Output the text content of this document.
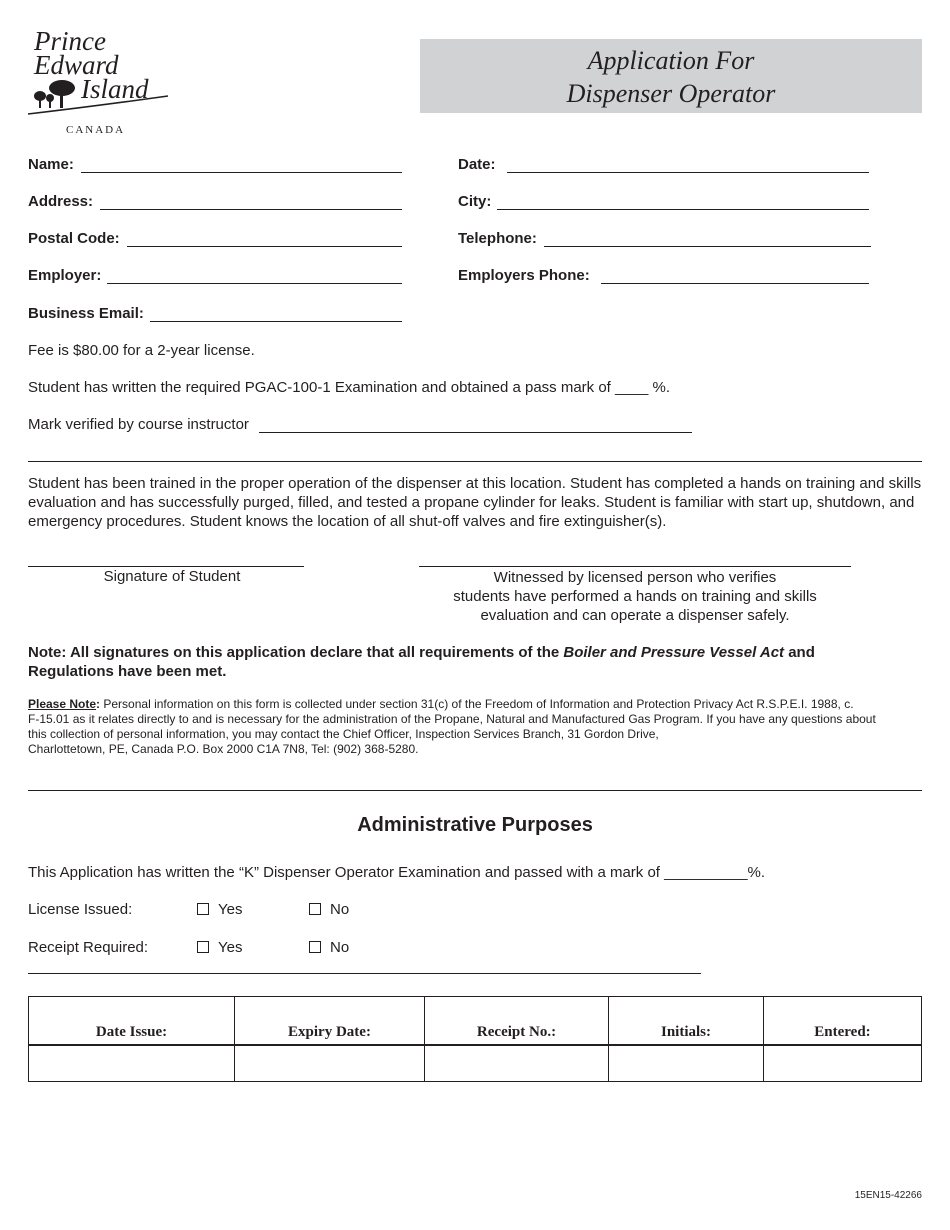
Prince
Edward
Island
CANADA
Application For
Dispenser Operator
Name:	Date:
Address:	City:
Postal Code:	Telephone:
Employer:	Employers Phone:
Business Email:
Fee is $80.00 for a 2-year license.
Student has written the required PGAC-100-1 Examination and obtained a pass mark of ____ %.
Mark verified by course instructor
Student has been trained in the proper operation of the dispenser at this location. Student has completed a hands on training and skills evaluation and has successfully purged, filled, and tested a propane cylinder for leaks. Student is familiar with start up, shutdown, and emergency procedures. Student knows the location of all shut-off valves and fire extinguisher(s).
Signature of Student	Witnessed by licensed person who verifies
students have performed a hands on training and skills
evaluation and can operate a dispenser safely.
Note: All signatures on this application declare that all requirements of the Boiler and Pressure Vessel Act and
Regulations have been met.
Please Note: Personal information on this form is collected under section 31(c) of the Freedom of Information and Protection Privacy Act R.S.P.E.I. 1988, c.
F-15.01 as it relates directly to and is necessary for the administration of the Propane, Natural and Manufactured Gas Program. If you have any questions about
this collection of personal information, you may contact the Chief Officer, Inspection Services Branch, 31 Gordon Drive,
Charlottetown, PE, Canada P.O. Box 2000 C1A 7N8, Tel: (902) 368-5280.
Administrative Purposes
This Application has written the “K” Dispenser Operator Examination and passed with a mark of __________%.
License Issued:	Yes	No
Receipt Required:	Yes	No
Date Issue:	Expiry Date:	Receipt No.:	Initials:	Entered:

15EN15-42266
